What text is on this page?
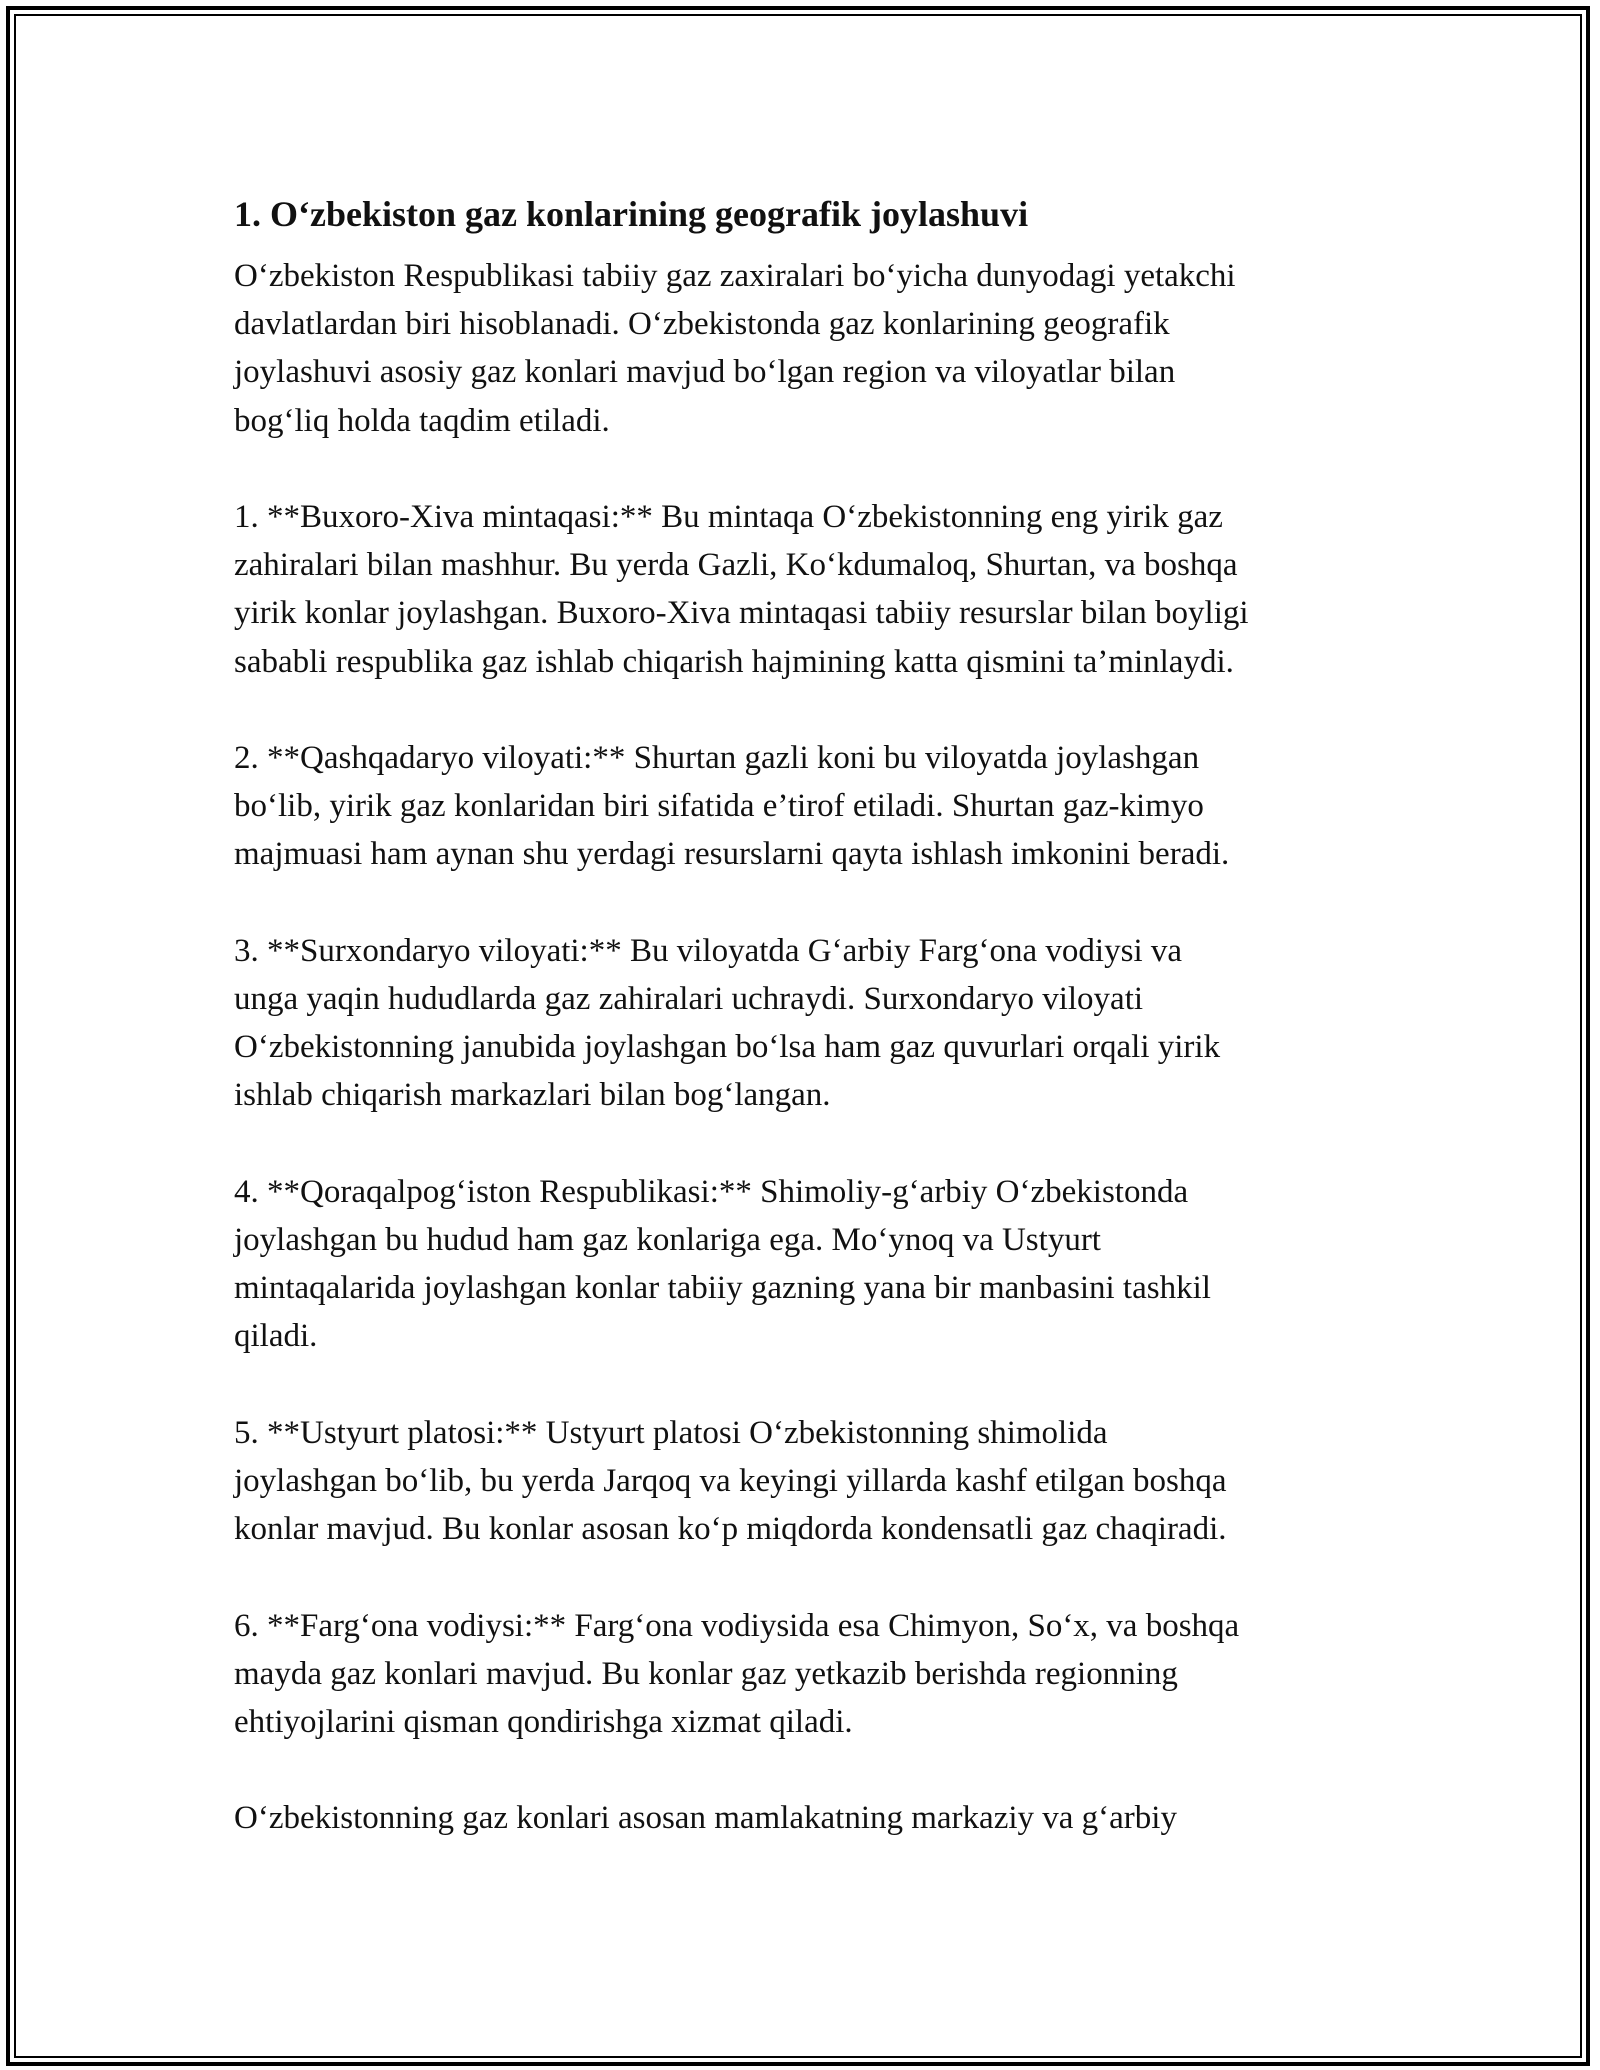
1. O‘zbekiston gaz konlarining geografik joylashuvi

O‘zbekiston Respublikasi tabiiy gaz zaxiralari bo‘yicha dunyodagi yetakchi
davlatlardan biri hisoblanadi. O‘zbekistonda gaz konlarining geografik
joylashuvi asosiy gaz konlari mavjud bo‘lgan region va viloyatlar bilan
bog‘liq holda taqdim etiladi.

1. **Buxoro-Xiva mintaqasi:** Bu mintaqa O‘zbekistonning eng yirik gaz
zahiralari bilan mashhur. Bu yerda Gazli, Ko‘kdumaloq, Shurtan, va boshqa
yirik konlar joylashgan. Buxoro-Xiva mintaqasi tabiiy resurslar bilan boyligi
sababli respublika gaz ishlab chiqarish hajmining katta qismini ta’minlaydi.

2. **Qashqadaryo viloyati:** Shurtan gazli koni bu viloyatda joylashgan
bo‘lib, yirik gaz konlaridan biri sifatida e’tirof etiladi. Shurtan gaz-kimyo
majmuasi ham aynan shu yerdagi resurslarni qayta ishlash imkonini beradi.

3. **Surxondaryo viloyati:** Bu viloyatda G‘arbiy Farg‘ona vodiysi va
unga yaqin hududlarda gaz zahiralari uchraydi. Surxondaryo viloyati
O‘zbekistonning janubida joylashgan bo‘lsa ham gaz quvurlari orqali yirik
ishlab chiqarish markazlari bilan bog‘langan.

4. **Qoraqalpog‘iston Respublikasi:** Shimoliy-g‘arbiy O‘zbekistonda
joylashgan bu hudud ham gaz konlariga ega. Mo‘ynoq va Ustyurt
mintaqalarida joylashgan konlar tabiiy gazning yana bir manbasini tashkil
qiladi.

5. **Ustyurt platosi:** Ustyurt platosi O‘zbekistonning shimolida
joylashgan bo‘lib, bu yerda Jarqoq va keyingi yillarda kashf etilgan boshqa
konlar mavjud. Bu konlar asosan ko‘p miqdorda kondensatli gaz chaqiradi.

6. **Farg‘ona vodiysi:** Farg‘ona vodiysida esa Chimyon, So‘x, va boshqa
mayda gaz konlari mavjud. Bu konlar gaz yetkazib berishda regionning
ehtiyojlarini qisman qondirishga xizmat qiladi.

O‘zbekistonning gaz konlari asosan mamlakatning markaziy va g‘arbiy
